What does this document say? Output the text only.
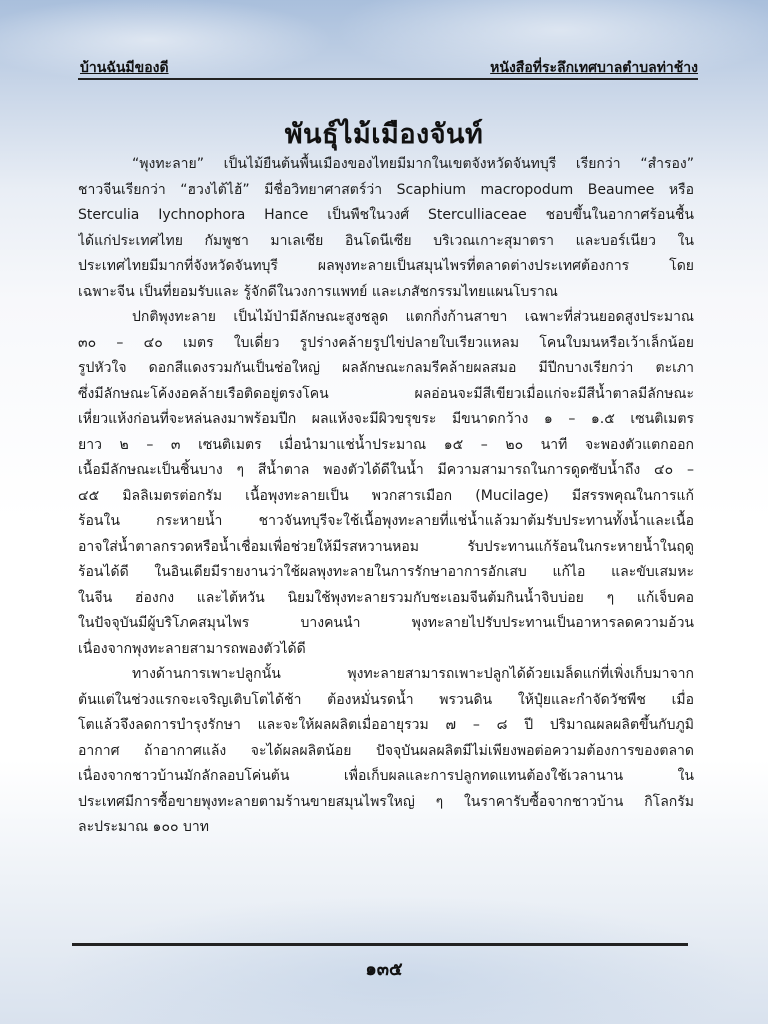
บ้านฉันมีของดี	หนังสือที่ระลึกเทศบาลตำบลท่าช้าง
พันธุ์ไม้เมืองจันท์
“พุงทะลาย” เป็นไม้ยืนต้นพื้นเมืองของไทยมีมากในเขตจังหวัดจันทบุรี เรียกว่า “สำรอง”
ชาวจีนเรียกว่า “ฮวงไต้ไฮ้” มีชื่อวิทยาศาสตร์ว่า Scaphium macropodum Beaumee หรือ
Sterculia Iychnophora Hance เป็นพืชในวงศ์ Sterculliaceae ชอบขึ้นในอากาศร้อนชื้น
ได้แก่ประเทศไทย กัมพูชา มาเลเซีย อินโดนีเซีย บริเวณเกาะสุมาตรา และบอร์เนียว ใน
ประเทศไทยมีมากที่จังหวัดจันทบุรี ผลพุงทะลายเป็นสมุนไพรที่ตลาดต่างประเทศต้องการ โดย
เฉพาะจีน เป็นที่ยอมรับและ รู้จักดีในวงการแพทย์ และเภสัชกรรมไทยแผนโบราณ
ปกติพุงทะลาย เป็นไม้ป่ามีลักษณะสูงชลูด แตกกิ่งก้านสาขา เฉพาะที่ส่วนยอดสูงประมาณ
๓๐ – ๔๐ เมตร ใบเดี่ยว รูปร่างคล้ายรูปไข่ปลายใบเรียวแหลม โคนใบมนหรือเว้าเล็กน้อย
รูปหัวใจ ดอกสีแดงรวมกันเป็นช่อใหญ่ ผลลักษณะกลมรีคล้ายผลสมอ มีปีกบางเรียกว่า ตะเภา
ซึ่งมีลักษณะโค้งงอคล้ายเรือติดอยู่ตรงโคน ผลอ่อนจะมีสีเขียวเมื่อแก่จะมีสีน้ำตาลมีลักษณะ
เหี่ยวแห้งก่อนที่จะหล่นลงมาพร้อมปีก ผลแห้งจะมีผิวขรุขระ มีขนาดกว้าง ๑ – ๑.๕ เซนติเมตร
ยาว ๒ – ๓ เซนติเมตร เมื่อนำมาแช่น้ำประมาณ ๑๕ – ๒๐ นาที จะพองตัวแตกออก
เนื้อมีลักษณะเป็นชิ้นบาง ๆ สีน้ำตาล พองตัวได้ดีในน้ำ มีความสามารถในการดูดซับน้ำถึง ๔๐ –
๔๕ มิลลิเมตรต่อกรัม เนื้อพุงทะลายเป็น พวกสารเมือก (Mucilage) มีสรรพคุณในการแก้
ร้อนใน กระหายน้ำ ชาวจันทบุรีจะใช้เนื้อพุงทะลายที่แช่น้ำแล้วมาต้มรับประทานทั้งน้ำและเนื้อ
อาจใส่น้ำตาลกรวดหรือน้ำเชื่อมเพื่อช่วยให้มีรสหวานหอม รับประทานแก้ร้อนในกระหายน้ำในฤดู
ร้อนได้ดี ในอินเดียมีรายงานว่าใช้ผลพุงทะลายในการรักษาอาการอักเสบ แก้ไอ และขับเสมหะ
ในจีน ฮ่องกง และไต้หวัน นิยมใช้พุงทะลายรวมกับชะเอมจีนต้มกินน้ำจิบบ่อย ๆ แก้เจ็บคอ
ในปัจจุบันมีผู้บริโภคสมุนไพร บางคนนำ พุงทะลายไปรับประทานเป็นอาหารลดความอ้วน
เนื่องจากพุงทะลายสามารถพองตัวได้ดี
ทางด้านการเพาะปลูกนั้น พุงทะลายสามารถเพาะปลูกได้ด้วยเมล็ดแก่ที่เพิ่งเก็บมาจาก
ต้นแต่ในช่วงแรกจะเจริญเติบโตได้ช้า ต้องหมั่นรดน้ำ พรวนดิน ให้ปุ๋ยและกำจัดวัชพืช เมื่อ
โตแล้วจึงลดการบำรุงรักษา และจะให้ผลผลิตเมื่ออายุรวม ๗ – ๘ ปี ปริมาณผลผลิตขึ้นกับภูมิ
อากาศ ถ้าอากาศแล้ง จะได้ผลผลิตน้อย ปัจจุบันผลผลิตมีไม่เพียงพอต่อความต้องการของตลาด
เนื่องจากชาวบ้านมักลักลอบโค่นต้น เพื่อเก็บผลและการปลูกทดแทนต้องใช้เวลานาน ใน
ประเทศมีการซื้อขายพุงทะลายตามร้านขายสมุนไพรใหญ่ ๆ ในราคารับซื้อจากชาวบ้าน กิโลกรัม
ละประมาณ ๑๐๐ บาท
๑๓๕
